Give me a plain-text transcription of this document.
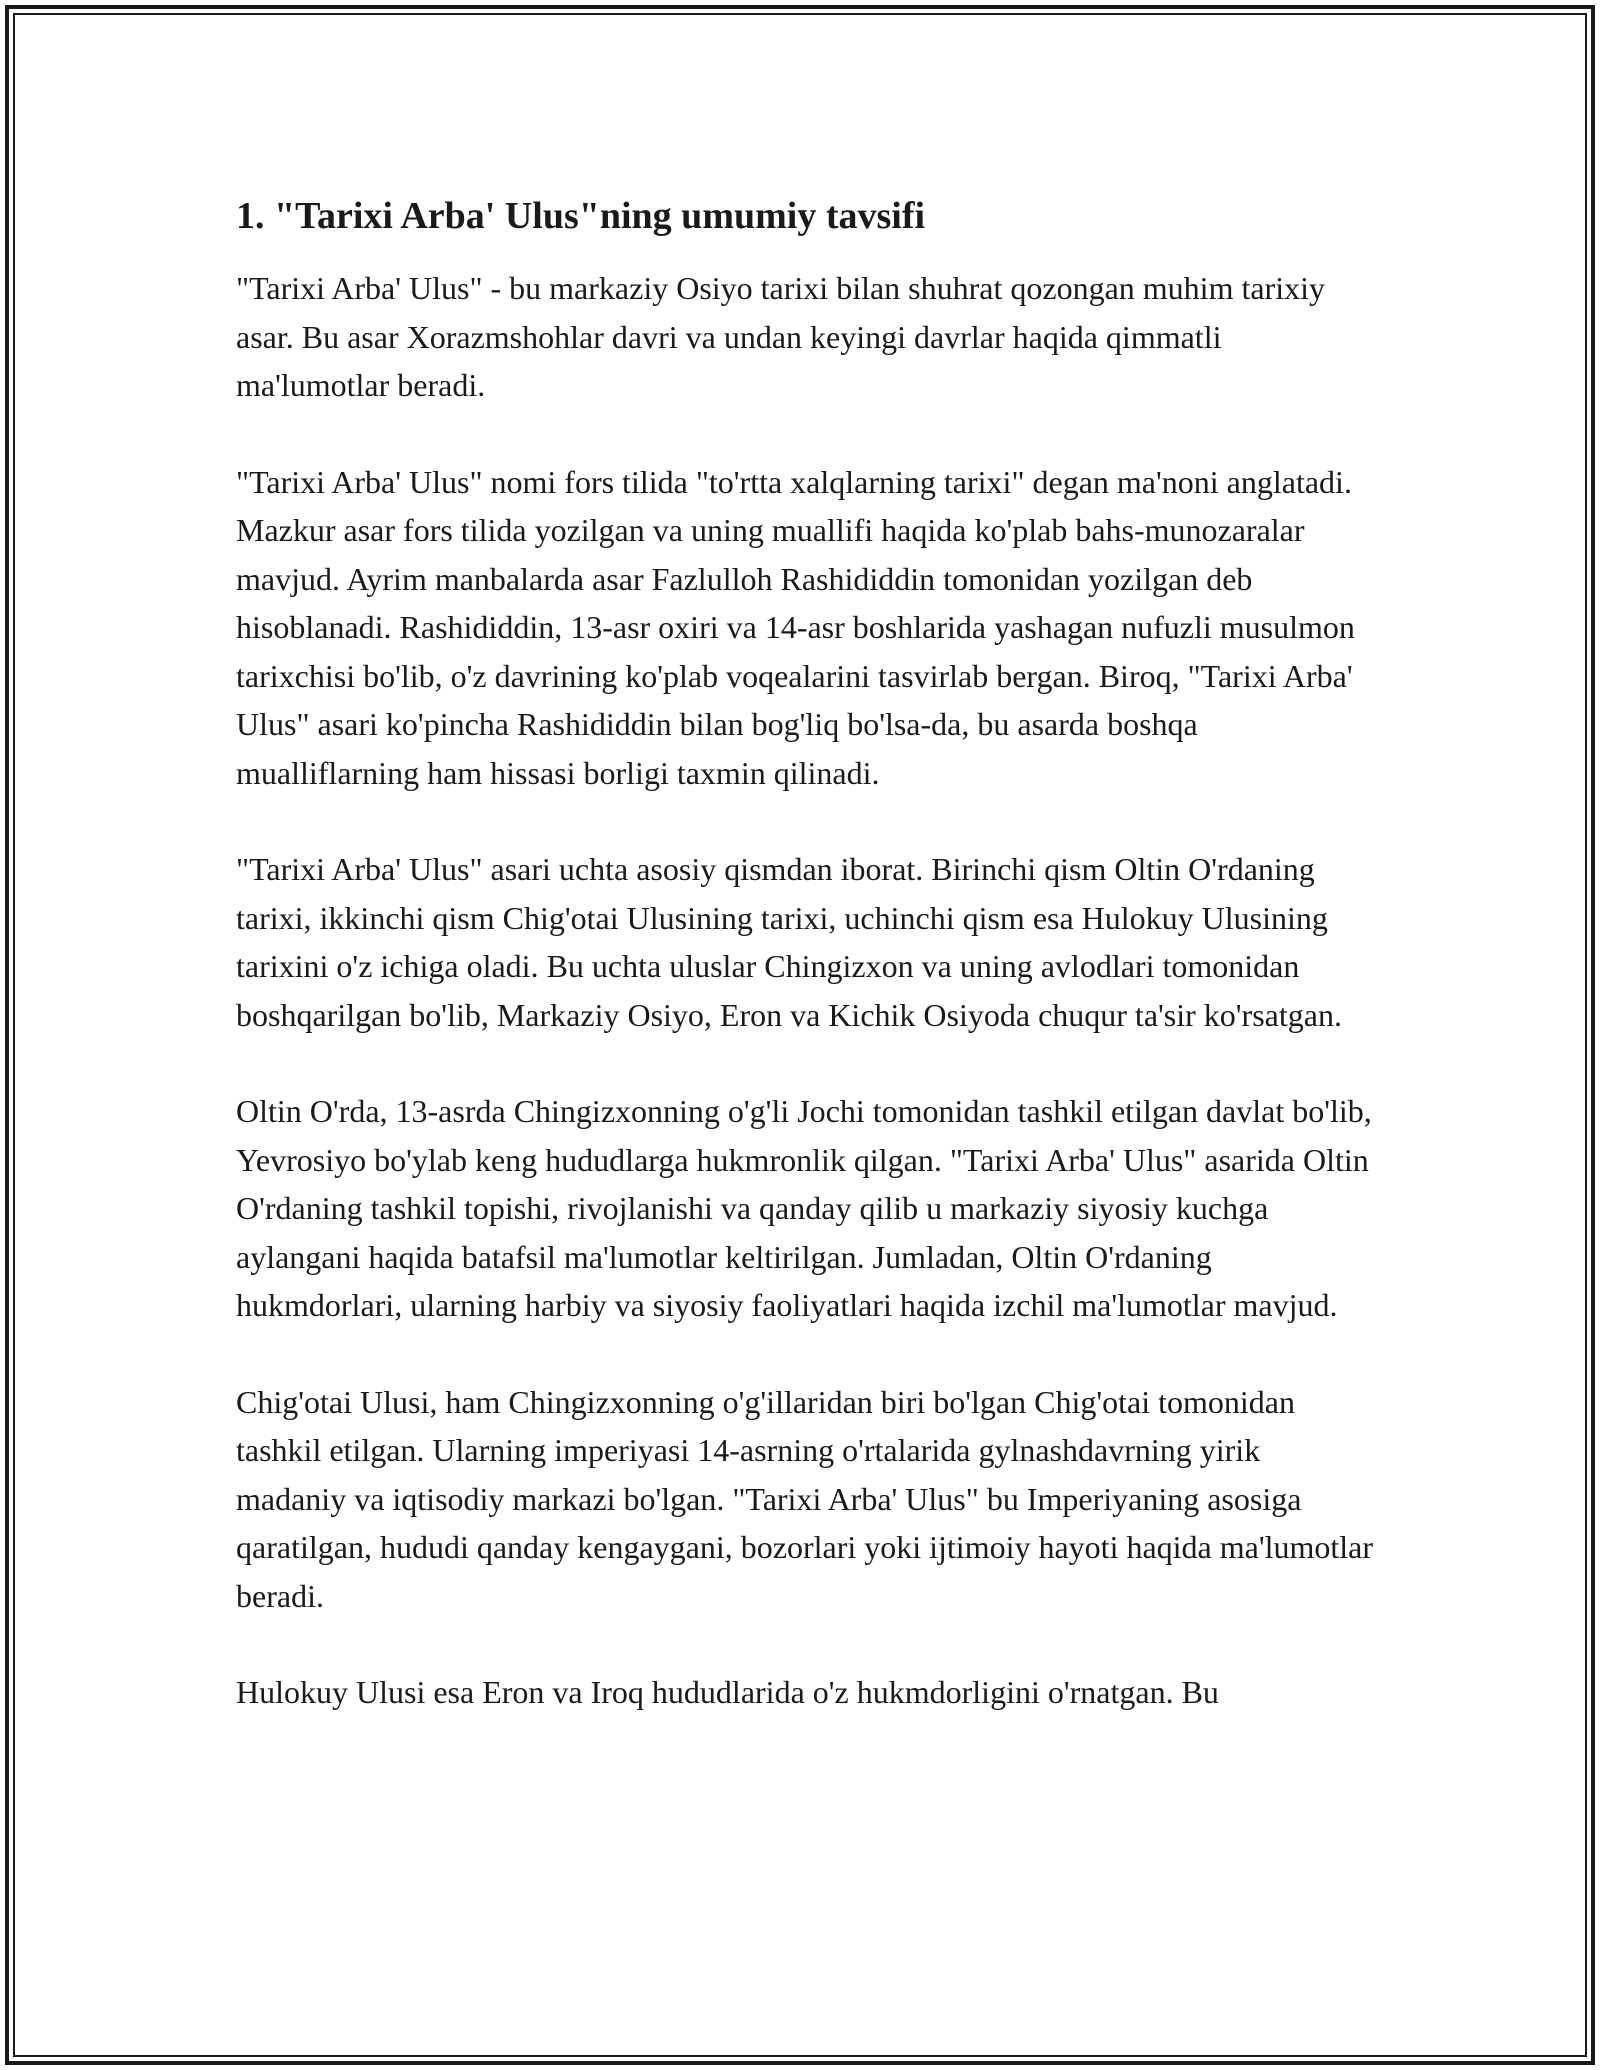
1. "Tarixi Arba' Ulus"ning umumiy tavsifi

"Tarixi Arba' Ulus" - bu markaziy Osiyo tarixi bilan shuhrat qozongan muhim tarixiy asar. Bu asar Xorazmshohlar davri va undan keyingi davrlar haqida qimmatli ma'lumotlar beradi.

"Tarixi Arba' Ulus" nomi fors tilida "to'rtta xalqlarning tarixi" degan ma'noni anglatadi. Mazkur asar fors tilida yozilgan va uning muallifi haqida ko'plab bahs-munozaralar mavjud. Ayrim manbalarda asar Fazlulloh Rashididdin tomonidan yozilgan deb hisoblanadi. Rashididdin, 13-asr oxiri va 14-asr boshlarida yashagan nufuzli musulmon tarixchisi bo'lib, o'z davrining ko'plab voqealarini tasvirlab bergan. Biroq, "Tarixi Arba' Ulus" asari ko'pincha Rashididdin bilan bog'liq bo'lsa-da, bu asarda boshqa mualliflarning ham hissasi borligi taxmin qilinadi.

"Tarixi Arba' Ulus" asari uchta asosiy qismdan iborat. Birinchi qism Oltin O'rdaning tarixi, ikkinchi qism Chig'otai Ulusining tarixi, uchinchi qism esa Hulokuy Ulusining tarixini o'z ichiga oladi. Bu uchta uluslar Chingizxon va uning avlodlari tomonidan boshqarilgan bo'lib, Markaziy Osiyo, Eron va Kichik Osiyoda chuqur ta'sir ko'rsatgan.

Oltin O'rda, 13-asrda Chingizxonning o'g'li Jochi tomonidan tashkil etilgan davlat bo'lib, Yevrosiyo bo'ylab keng hududlarga hukmronlik qilgan. "Tarixi Arba' Ulus" asarida Oltin O'rdaning tashkil topishi, rivojlanishi va qanday qilib u markaziy siyosiy kuchga aylangani haqida batafsil ma'lumotlar keltirilgan. Jumladan, Oltin O'rdaning hukmdorlari, ularning harbiy va siyosiy faoliyatlari haqida izchil ma'lumotlar mavjud.

Chig'otai Ulusi, ham Chingizxonning o'g'illaridan biri bo'lgan Chig'otai tomonidan tashkil etilgan. Ularning imperiyasi 14-asrning o'rtalarida gylnashdavrning yirik madaniy va iqtisodiy markazi bo'lgan. "Tarixi Arba' Ulus" bu Imperiyaning asosiga qaratilgan, hududi qanday kengaygani, bozorlari yoki ijtimoiy hayoti haqida ma'lumotlar beradi.

Hulokuy Ulusi esa Eron va Iroq hududlarida o'z hukmdorligini o'rnatgan. Bu
